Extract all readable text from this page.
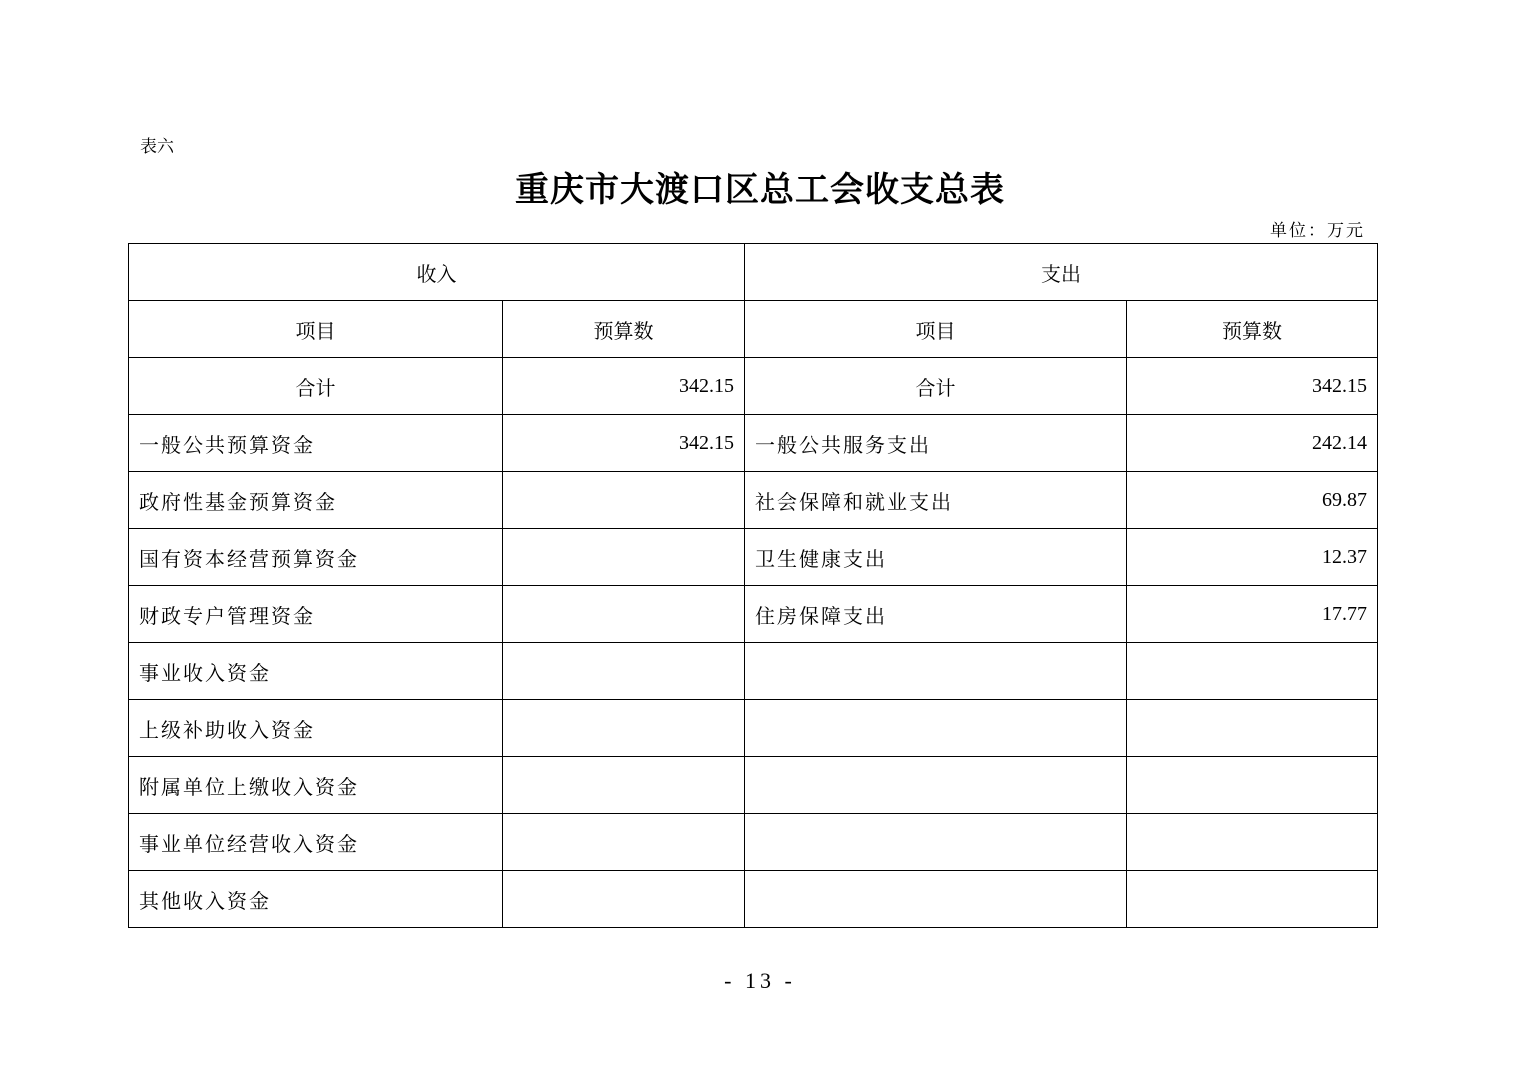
表六
重庆市大渡口区总工会收支总表
单位：万元
收入		支出	
项目	预算数	项目	预算数
合计	342.15	合计	342.15
一般公共预算资金	342.15	一般公共服务支出	242.14
政府性基金预算资金		社会保障和就业支出	69.87
国有资本经营预算资金		卫生健康支出	12.37
财政专户管理资金		住房保障支出	17.77
事业收入资金			
上级补助收入资金			
附属单位上缴收入资金			
事业单位经营收入资金			
其他收入资金			
- 13 -
